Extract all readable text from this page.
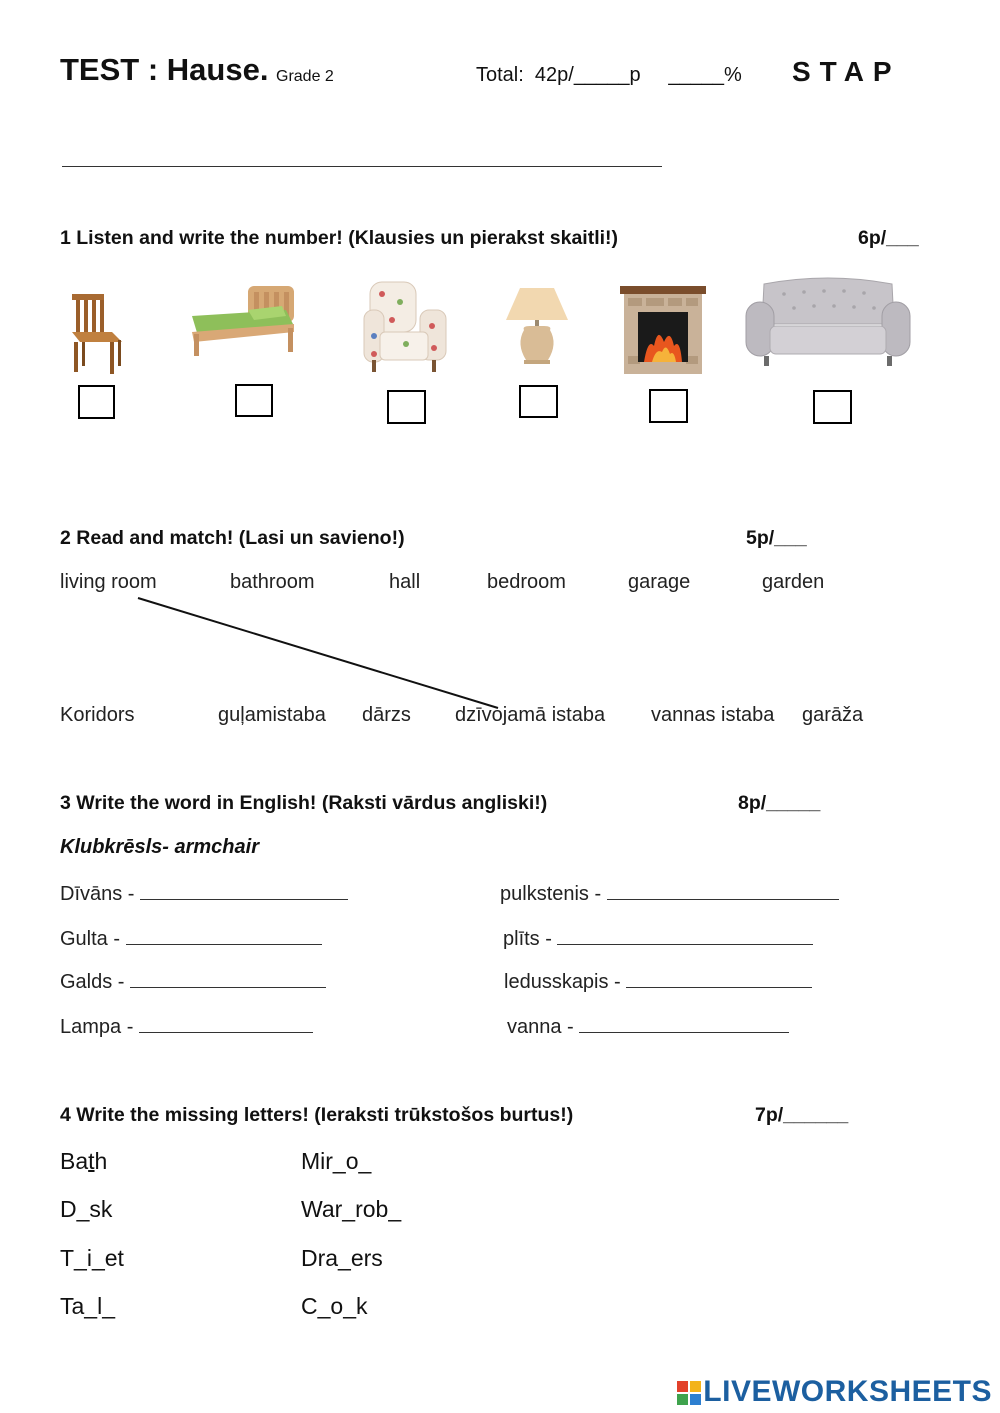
TEST : Hause. Grade 2	Total:  42p/_____p     _____% STAP
1 Listen and write the number! (Klausies un pierakst skaitli!)	6p/___
2 Read and match! (Lasi un savieno!)	5p/___
living room	bathroom	hall	bedroom	garage	garden
Koridors	guļamistaba dārzs dzīvojamā istaba vannas istaba garāža
3 Write the word in English! (Raksti vārdus angliski!)	8p/_____
Klubkrēsls- armchair
Dīvāns -
Gulta -
Galds -
Lampa -
pulkstenis -
plīts -
ledusskapis -
vanna -
4 Write the missing letters! (Ieraksti trūkstošos burtus!)	7p/______
Bath
D_sk
T_i_et
Ta_l_
Mir_o_
War_rob_
Dra_ers
C_o_k
LIVEWORKSHEETS
